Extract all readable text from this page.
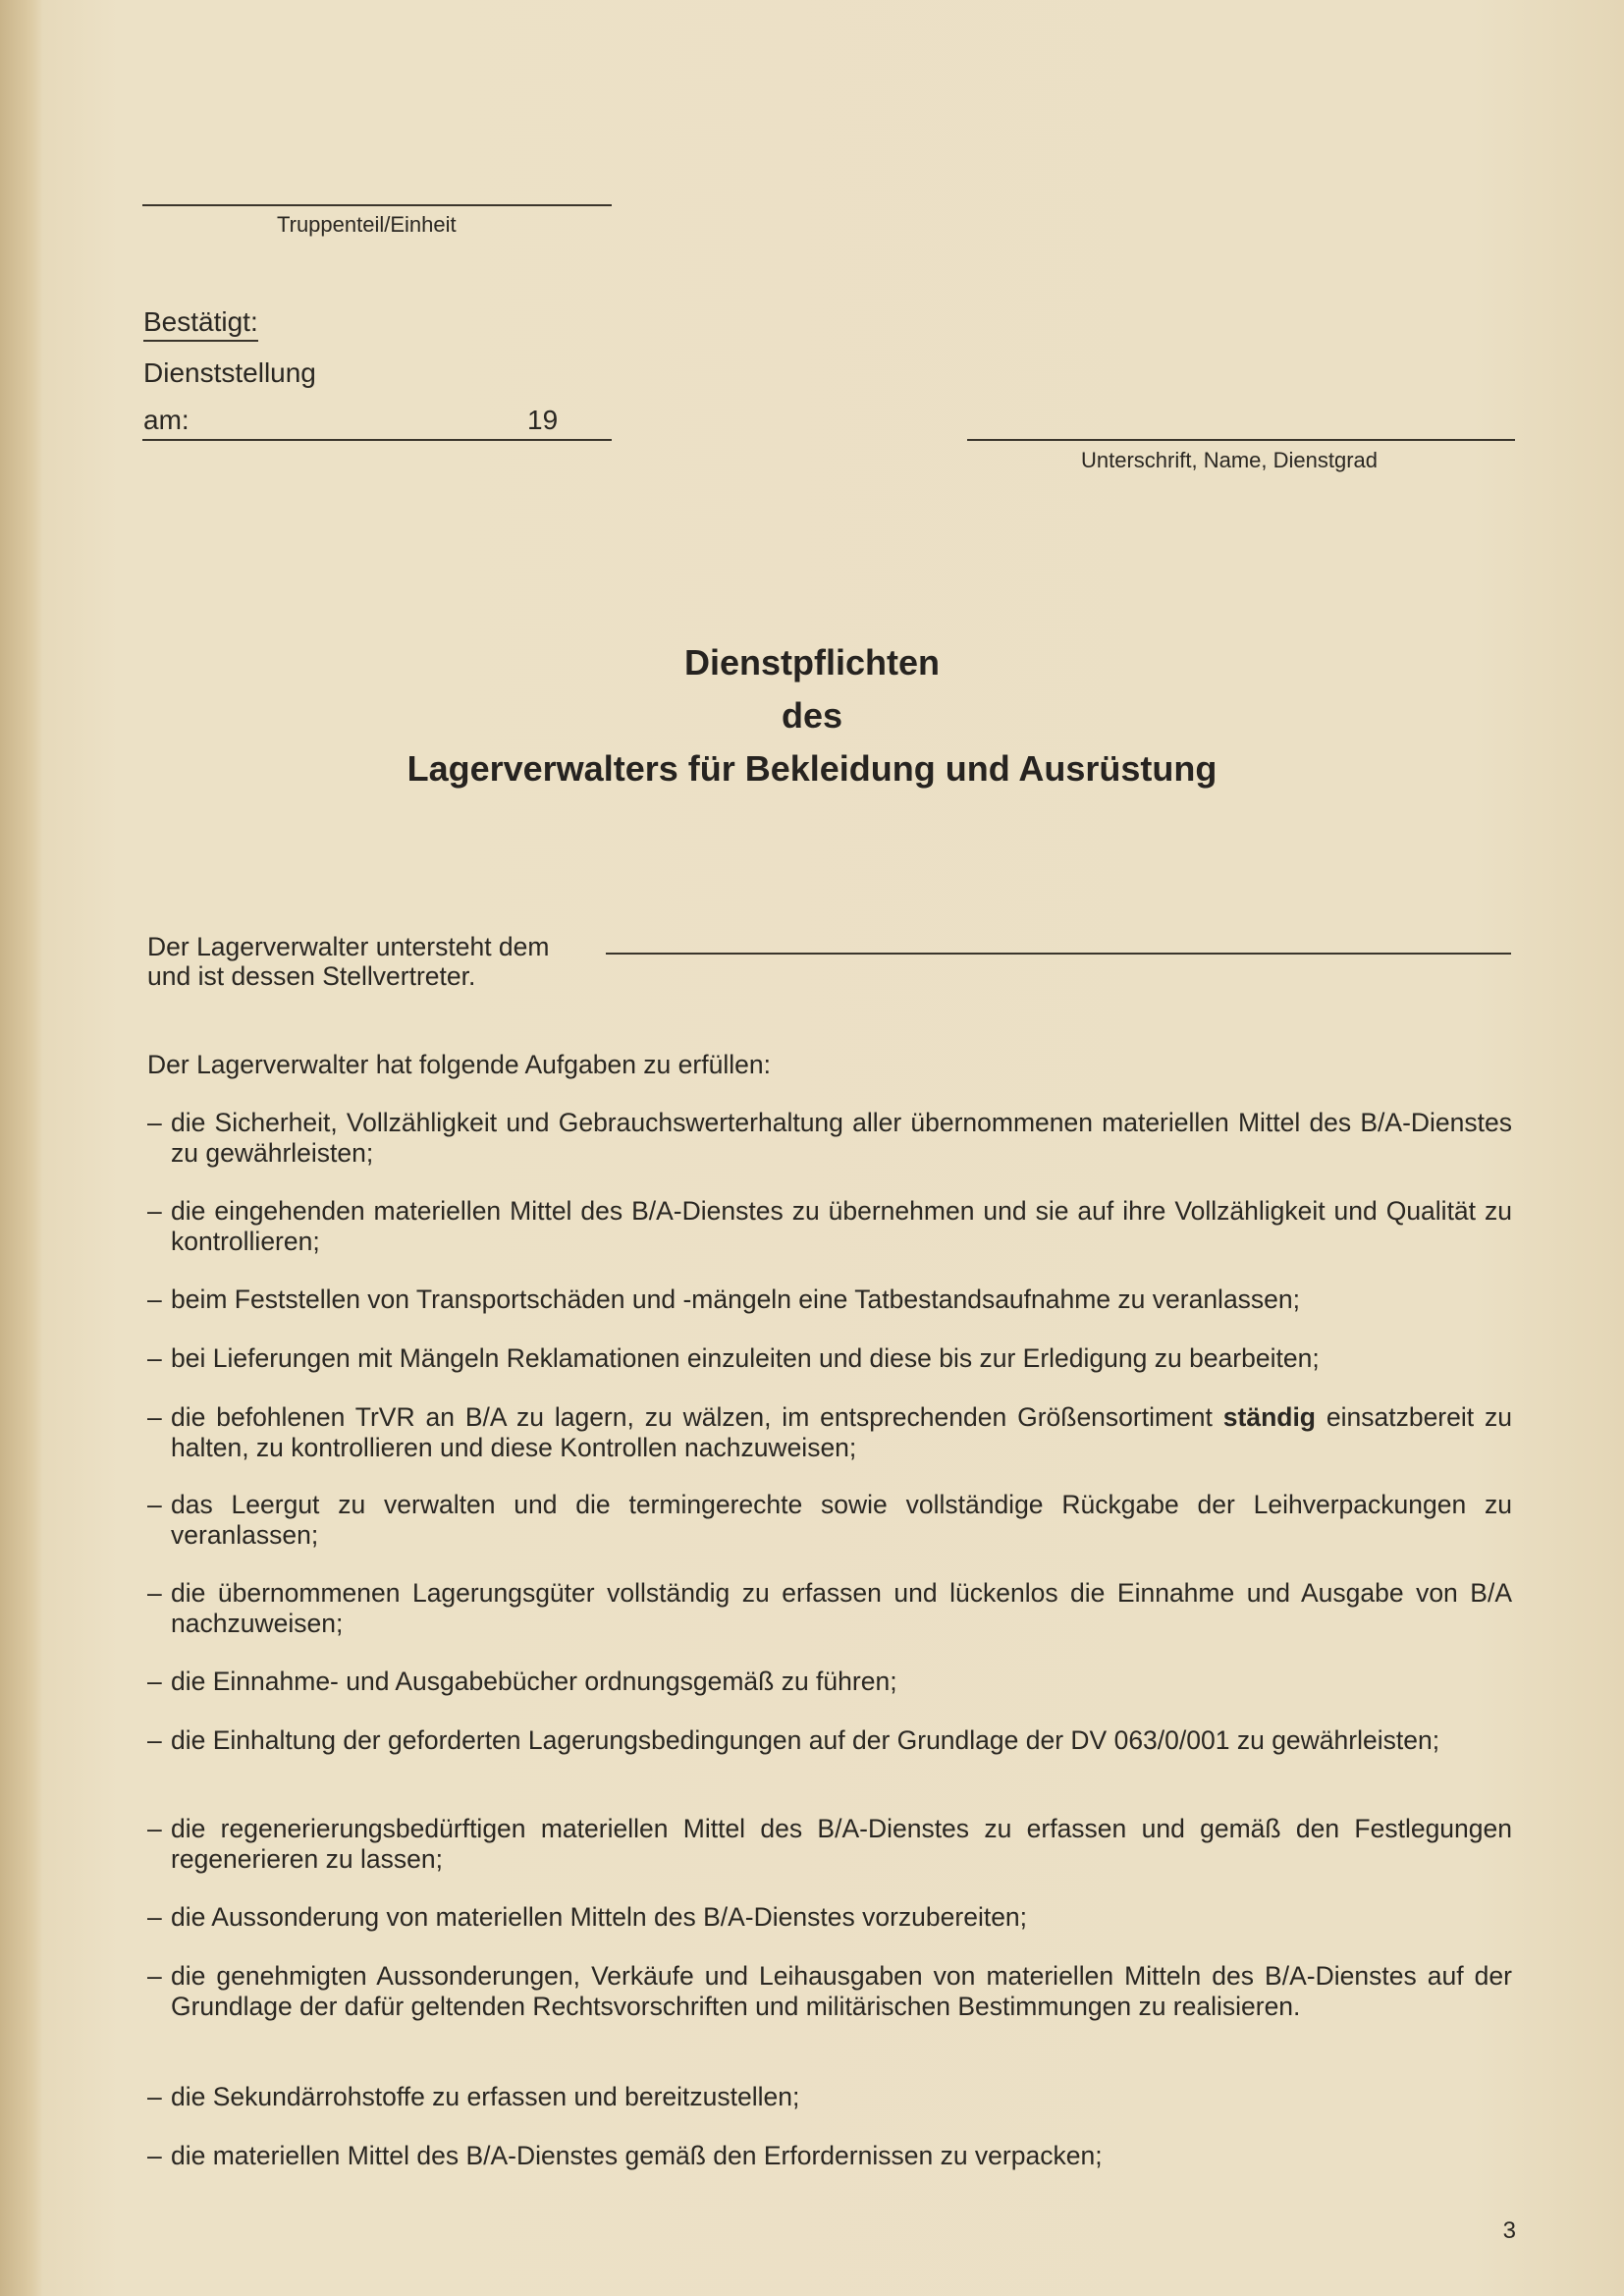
Truppenteil/Einheit
Bestätigt:
Dienststellung
am:	19
Unterschrift, Name, Dienstgrad
Dienstpflichten
des
Lagerverwalters für Bekleidung und Ausrüstung
Der Lagerverwalter untersteht dem
und ist dessen Stellvertreter.
Der Lagerverwalter hat folgende Aufgaben zu erfüllen:
– die Sicherheit, Vollzähligkeit und Gebrauchswerterhaltung aller übernommenen materiellen Mittel des B/A-Dienstes zu gewährleisten;
– die eingehenden materiellen Mittel des B/A-Dienstes zu übernehmen und sie auf ihre Vollzähligkeit und Qualität zu kontrollieren;
– beim Feststellen von Transportschäden und -mängeln eine Tatbestandsaufnahme zu veranlassen;
– bei Lieferungen mit Mängeln Reklamationen einzuleiten und diese bis zur Erledigung zu bearbeiten;
– die befohlenen TrVR an B/A zu lagern, zu wälzen, im entsprechenden Größensortiment ständig einsatzbereit zu halten, zu kontrollieren und diese Kontrollen nachzuweisen;
– das Leergut zu verwalten und die termingerechte sowie vollständige Rückgabe der Leihverpackungen zu veranlassen;
– die übernommenen Lagerungsgüter vollständig zu erfassen und lückenlos die Einnahme und Ausgabe von B/A nachzuweisen;
– die Einnahme- und Ausgabebücher ordnungsgemäß zu führen;
– die Einhaltung der geforderten Lagerungsbedingungen auf der Grundlage der DV 063/0/001 zu gewährleisten;
– die regenerierungsbedürftigen materiellen Mittel des B/A-Dienstes zu erfassen und gemäß den Festlegungen regenerieren zu lassen;
– die Aussonderung von materiellen Mitteln des B/A-Dienstes vorzubereiten;
– die genehmigten Aussonderungen, Verkäufe und Leihausgaben von materiellen Mitteln des B/A-Dienstes auf der Grundlage der dafür geltenden Rechtsvorschriften und militärischen Bestimmungen zu realisieren.
– die Sekundärrohstoffe zu erfassen und bereitzustellen;
– die materiellen Mittel des B/A-Dienstes gemäß den Erfordernissen zu verpacken;
3
